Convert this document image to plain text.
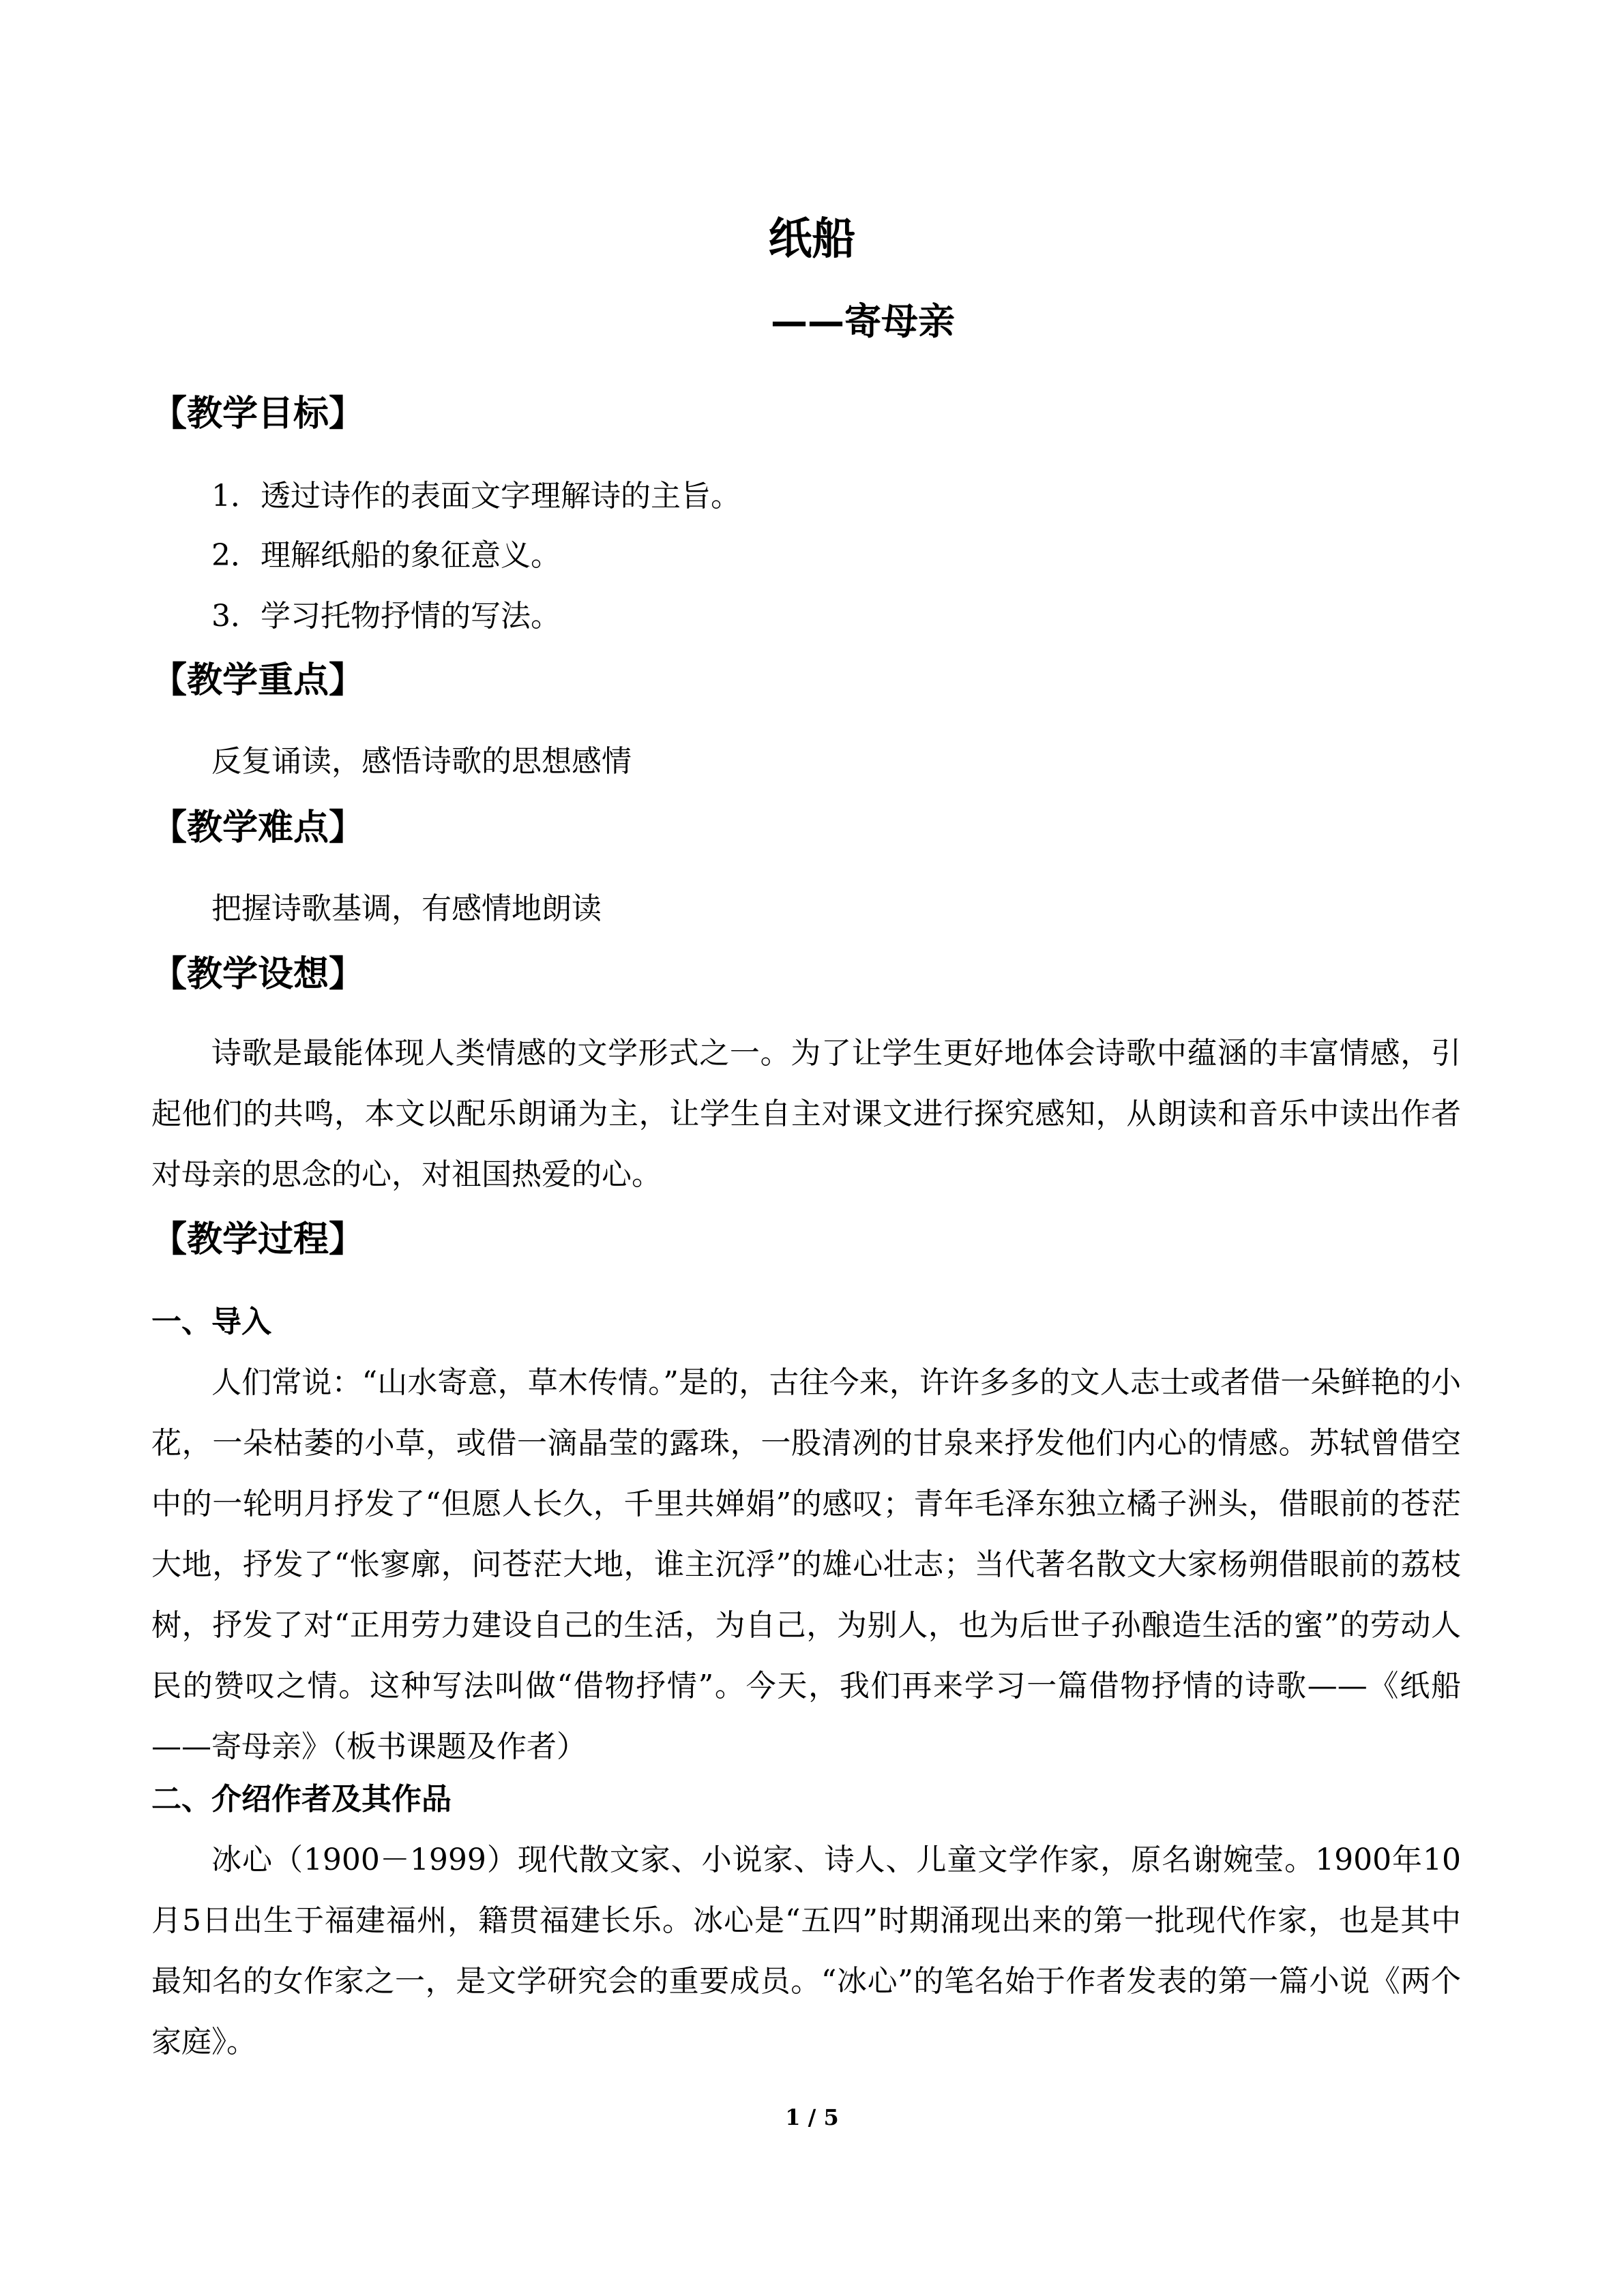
纸船
——寄母亲
【教学目标】
1．透过诗作的表面文字理解诗的主旨。
2．理解纸船的象征意义。
3．学习托物抒情的写法。
【教学重点】
反复诵读，感悟诗歌的思想感情
【教学难点】
把握诗歌基调，有感情地朗读
【教学设想】
诗歌是最能体现人类情感的文学形式之一。为了让学生更好地体会诗歌中蕴涵的丰富情感，引起他们的共鸣，本文以配乐朗诵为主，让学生自主对课文进行探究感知，从朗读和音乐中读出作者对母亲的思念的心，对祖国热爱的心。
【教学过程】
一、导入
人们常说：“山水寄意，草木传情。”是的，古往今来，许许多多的文人志士或者借一朵鲜艳的小花，一朵枯萎的小草，或借一滴晶莹的露珠，一股清冽的甘泉来抒发他们内心的情感。苏轼曾借空中的一轮明月抒发了“但愿人长久，千里共婵娟”的感叹；青年毛泽东独立橘子洲头，借眼前的苍茫大地，抒发了“怅寥廓，问苍茫大地，谁主沉浮”的雄心壮志；当代著名散文大家杨朔借眼前的荔枝树，抒发了对“正用劳力建设自己的生活，为自己，为别人，也为后世子孙酿造生活的蜜”的劳动人民的赞叹之情。这种写法叫做“借物抒情”。今天，我们再来学习一篇借物抒情的诗歌——《纸船——寄母亲》（板书课题及作者）
二、介绍作者及其作品
冰心（1900－1999）现代散文家、小说家、诗人、儿童文学作家，原名谢婉莹。1900年10月5日出生于福建福州，籍贯福建长乐。冰心是“五四”时期涌现出来的第一批现代作家，也是其中最知名的女作家之一，是文学研究会的重要成员。“冰心”的笔名始于作者发表的第一篇小说《两个家庭》。
1 / 5
